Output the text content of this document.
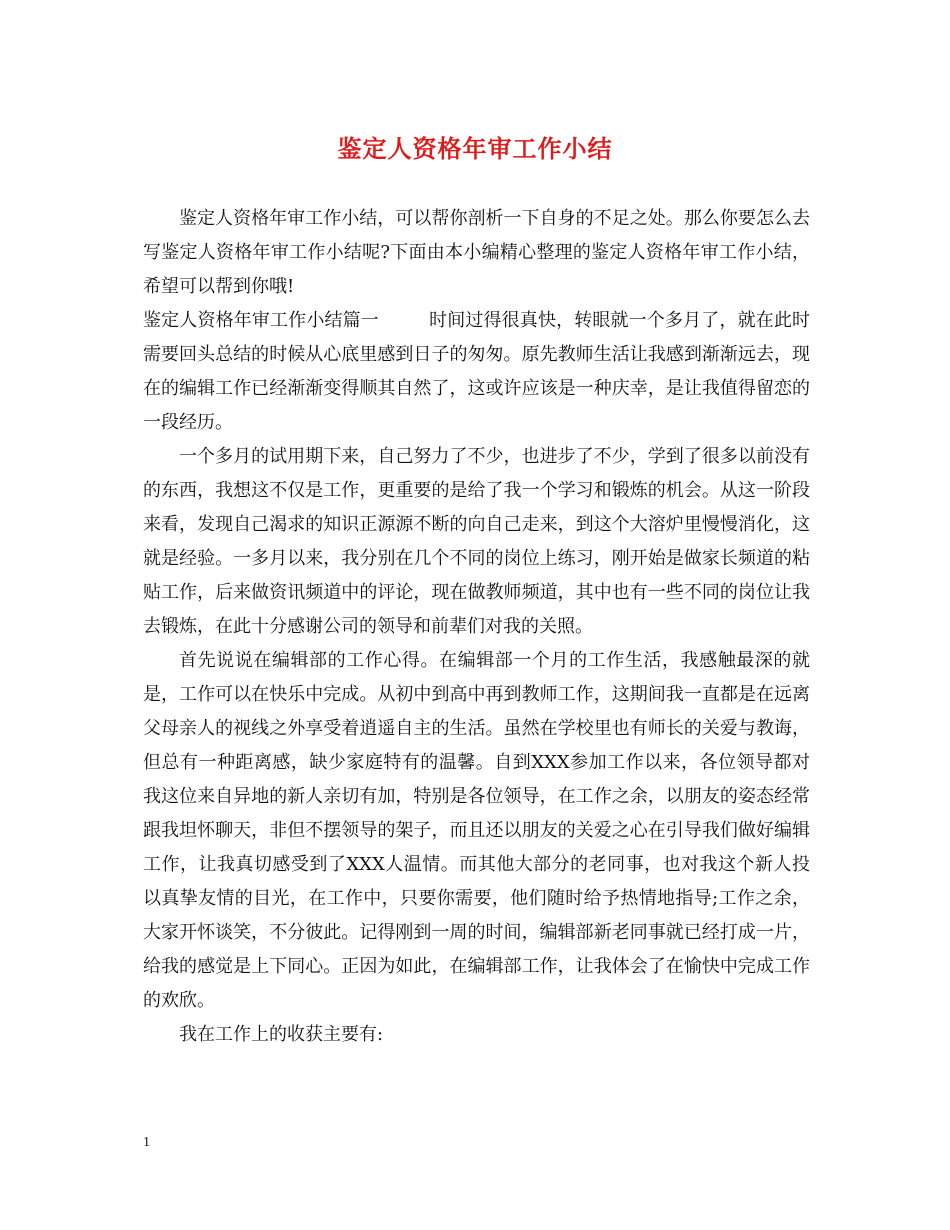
鉴定人资格年审工作小结

鉴定人资格年审工作小结，可以帮你剖析一下自身的不足之处。那么你要怎么去写鉴定人资格年审工作小结呢?下面由本小编精心整理的鉴定人资格年审工作小结，希望可以帮到你哦!

鉴定人资格年审工作小结篇一	时间过得很真快，转眼就一个多月了，就在此时需要回头总结的时候从心底里感到日子的匆匆。原先教师生活让我感到渐渐远去，现在的编辑工作已经渐渐变得顺其自然了，这或许应该是一种庆幸，是让我值得留恋的一段经历。

一个多月的试用期下来，自己努力了不少，也进步了不少，学到了很多以前没有的东西，我想这不仅是工作，更重要的是给了我一个学习和锻炼的机会。从这一阶段来看，发现自己渴求的知识正源源不断的向自己走来，到这个大溶炉里慢慢消化，这就是经验。一多月以来，我分别在几个不同的岗位上练习，刚开始是做家长频道的粘贴工作，后来做资讯频道中的评论，现在做教师频道，其中也有一些不同的岗位让我去锻炼，在此十分感谢公司的领导和前辈们对我的关照。

首先说说在编辑部的工作心得。在编辑部一个月的工作生活，我感触最深的就是，工作可以在快乐中完成。从初中到高中再到教师工作，这期间我一直都是在远离父母亲人的视线之外享受着逍遥自主的生活。虽然在学校里也有师长的关爱与教诲，但总有一种距离感，缺少家庭特有的温馨。自到XXX参加工作以来，各位领导都对我这位来自异地的新人亲切有加，特别是各位领导，在工作之余，以朋友的姿态经常跟我坦怀聊天，非但不摆领导的架子，而且还以朋友的关爱之心在引导我们做好编辑工作，让我真切感受到了XXX人温情。而其他大部分的老同事，也对我这个新人投以真挚友情的目光，在工作中，只要你需要，他们随时给予热情地指导;工作之余，大家开怀谈笑，不分彼此。记得刚到一周的时间，编辑部新老同事就已经打成一片，给我的感觉是上下同心。正因为如此，在编辑部工作，让我体会了在愉快中完成工作的欢欣。

我在工作上的收获主要有:

1
